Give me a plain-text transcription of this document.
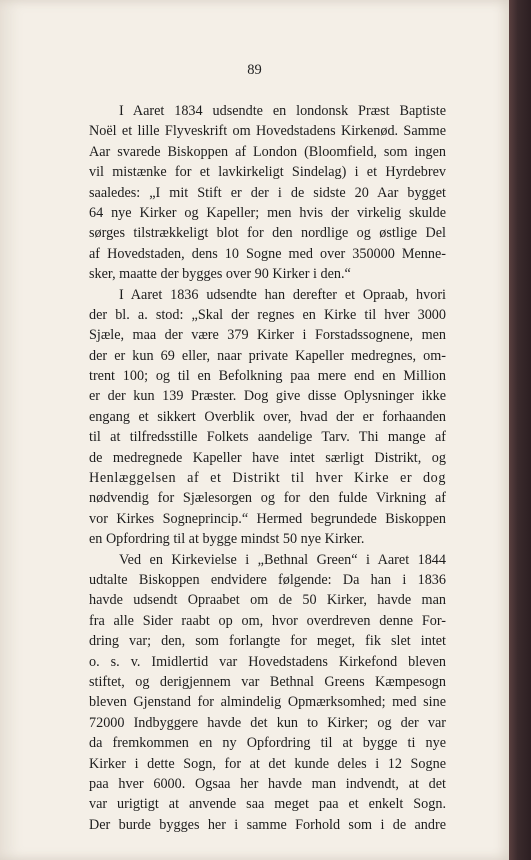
89
I Aaret 1834 udsendte en londonsk Præst Baptiste
Noël et lille Flyveskrift om Hovedstadens Kirkenød. Samme
Aar svarede Biskoppen af London (Bloomfield, som ingen
vil mistænke for et lavkirkeligt Sindelag) i et Hyrdebrev
saaledes: „I mit Stift er der i de sidste 20 Aar bygget
64 nye Kirker og Kapeller; men hvis der virkelig skulde
sørges tilstrækkeligt blot for den nordlige og østlige Del
af Hovedstaden, dens 10 Sogne med over 350000 Menne-
sker, maatte der bygges over 90 Kirker i den.“
I Aaret 1836 udsendte han derefter et Opraab, hvori
der bl. a. stod: „Skal der regnes en Kirke til hver 3000
Sjæle, maa der være 379 Kirker i Forstadssognene, men
der er kun 69 eller, naar private Kapeller medregnes, om-
trent 100; og til en Befolkning paa mere end en Million
er der kun 139 Præster. Dog give disse Oplysninger ikke
engang et sikkert Overblik over, hvad der er forhaanden
til at tilfredsstille Folkets aandelige Tarv. Thi mange af
de medregnede Kapeller have intet særligt Distrikt, og
Henlæggelsen af et Distrikt til hver Kirke er dog
nødvendig for Sjælesorgen og for den fulde Virkning af
vor Kirkes Sogneprincip.“ Hermed begrundede Biskoppen
en Opfordring til at bygge mindst 50 nye Kirker.
Ved en Kirkevielse i „Bethnal Green“ i Aaret 1844
udtalte Biskoppen endvidere følgende: Da han i 1836
havde udsendt Opraabet om de 50 Kirker, havde man
fra alle Sider raabt op om, hvor overdreven denne For-
dring var; den, som forlangte for meget, fik slet intet
o. s. v. Imidlertid var Hovedstadens Kirkefond bleven
stiftet, og derigjennem var Bethnal Greens Kæmpesogn
bleven Gjenstand for almindelig Opmærksomhed; med sine
72000 Indbyggere havde det kun to Kirker; og der var
da fremkommen en ny Opfordring til at bygge ti nye
Kirker i dette Sogn, for at det kunde deles i 12 Sogne
paa hver 6000. Ogsaa her havde man indvendt, at det
var urigtigt at anvende saa meget paa et enkelt Sogn.
Der burde bygges her i samme Forhold som i de andre
